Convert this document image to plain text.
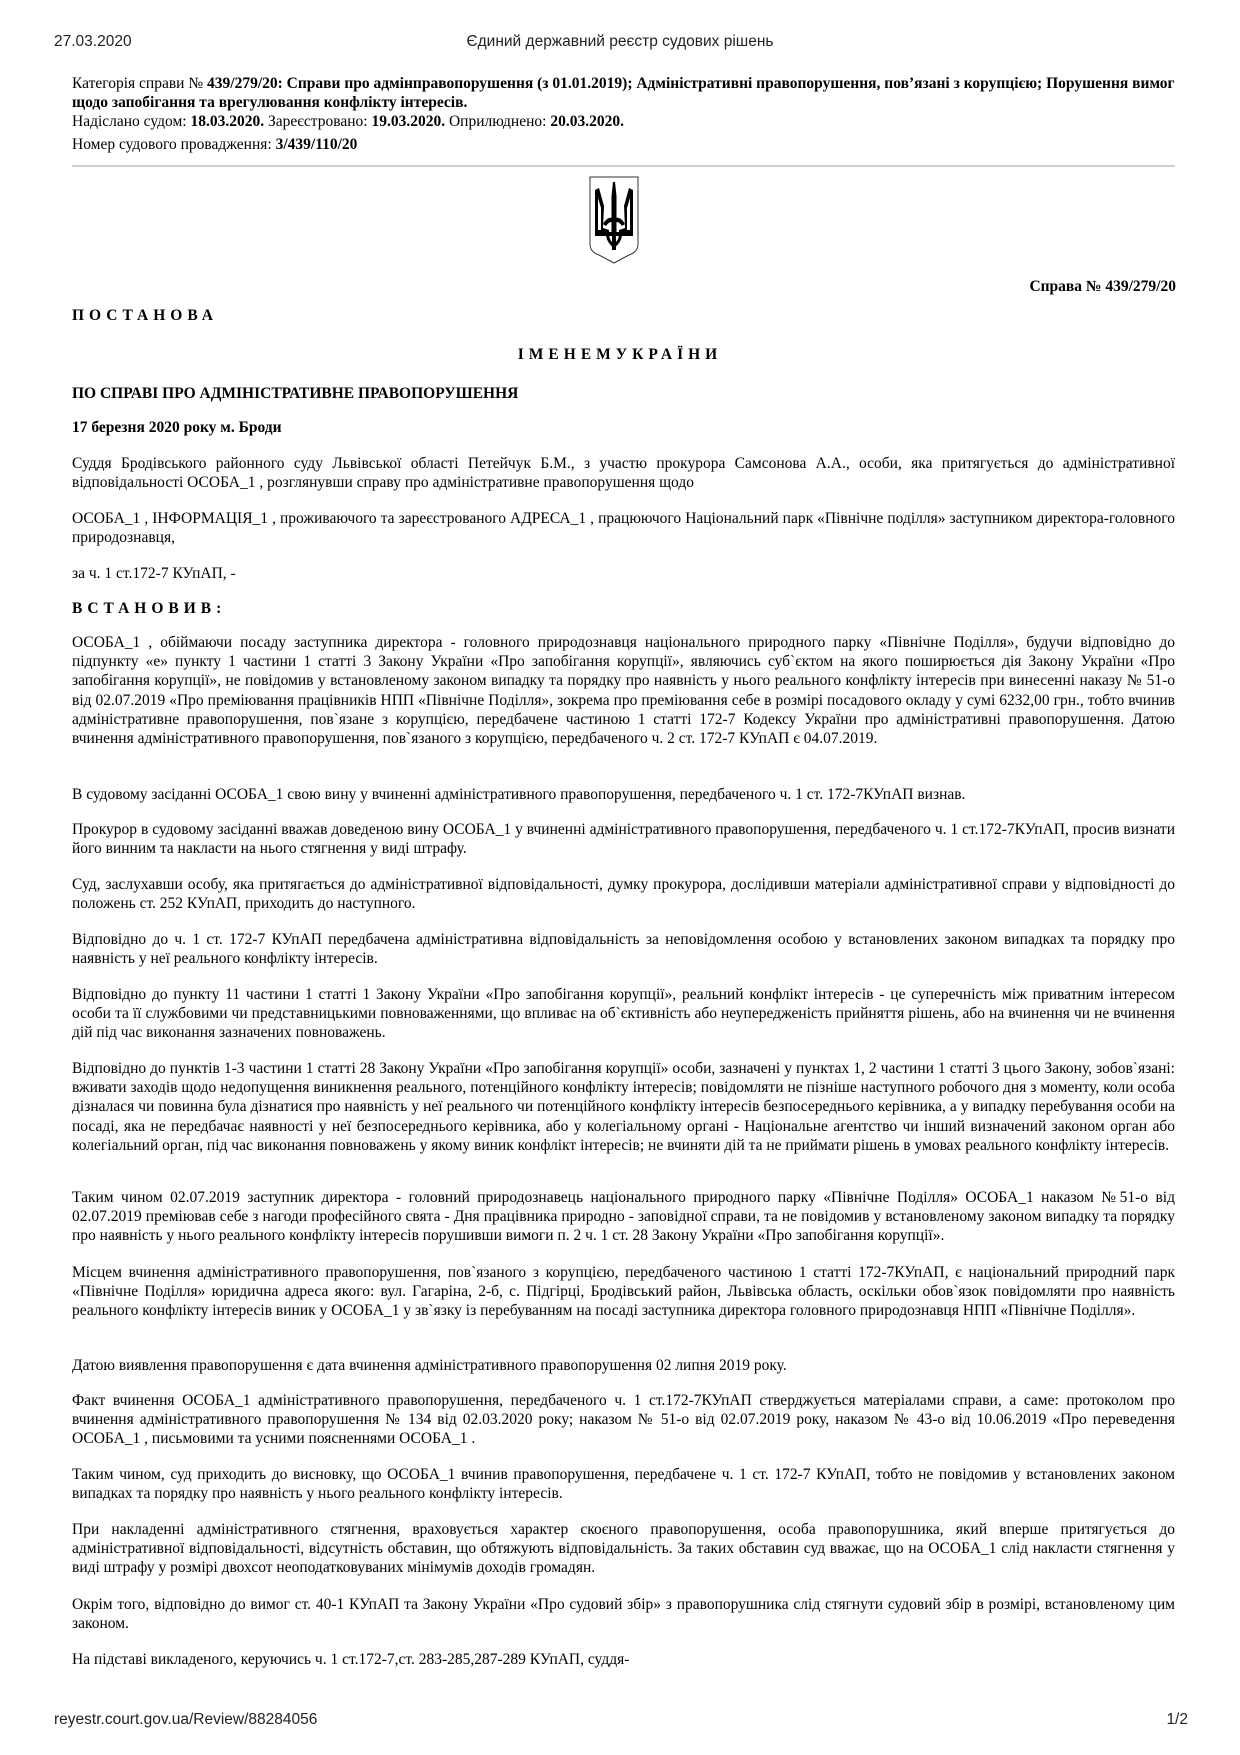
27.03.2020	Єдиний державний реєстр судових рішень
Категорія справи № 439/279/20: Справи про адмінправопорушення (з 01.01.2019); Адміністративні правопорушення, пов’язані з корупцією; Порушення вимог щодо запобігання та врегулювання конфлікту інтересів.
Надіслано судом: 18.03.2020. Зареєстровано: 19.03.2020. Оприлюднено: 20.03.2020.
Номер судового провадження: 3/439/110/20
Справа № 439/279/20
ПОСТАНОВА
ІМЕНЕМУКРАЇНИ
ПО СПРАВІ ПРО АДМІНІСТРАТИВНЕ ПРАВОПОРУШЕННЯ
17 березня 2020 року м. Броди
Суддя Бродівського районного суду Львівської області Петейчук Б.М., з участю прокурора Самсонова А.А., особи, яка притягується до адміністративної відповідальності ОСОБА_1 , розглянувши справу про адміністративне правопорушення щодо
ОСОБА_1 , ІНФОРМАЦІЯ_1 , проживаючого та зареєстрованого АДРЕСА_1 , працюючого Національний парк «Північне поділля» заступником директора-головного природознавця,
за ч. 1 ст.172-7 КУпАП, -
ВСТАНОВИВ:
ОСОБА_1 , обіймаючи посаду заступника директора - головного природознавця національного природного парку «Північне Поділля», будучи відповідно до підпункту «е» пункту 1 частини 1 статті 3 Закону України «Про запобігання корупції», являючись суб`єктом на якого поширюється дія Закону України «Про запобігання корупції», не повідомив у встановленому законом випадку та порядку про наявність у нього реального конфлікту інтересів при винесенні наказу № 51-о від 02.07.2019 «Про преміювання працівників НПП «Північне Поділля», зокрема про преміювання себе в розмірі посадового окладу у сумі 6232,00 грн., тобто вчинив адміністративне правопорушення, пов`язане з корупцією, передбачене частиною 1 статті 172-7 Кодексу України про адміністративні правопорушення. Датою вчинення адміністративного правопорушення, пов`язаного з корупцією, передбаченого ч. 2 ст. 172-7 КУпАП є 04.07.2019.
В судовому засіданні ОСОБА_1 свою вину у вчиненні адміністративного правопорушення, передбаченого ч. 1 ст. 172-7КУпАП визнав.
Прокурор в судовому засіданні вважав доведеною вину ОСОБА_1 у вчиненні адміністративного правопорушення, передбаченого ч. 1 ст.172-7КУпАП, просив визнати його винним та накласти на нього стягнення у виді штрафу.
Суд, заслухавши особу, яка притягається до адміністративної відповідальності, думку прокурора, дослідивши матеріали адміністративної справи у відповідності до положень ст. 252 КУпАП, приходить до наступного.
Відповідно до ч. 1 ст. 172-7 КУпАП передбачена адміністративна відповідальність за неповідомлення особою у встановлених законом випадках та порядку про наявність у неї реального конфлікту інтересів.
Відповідно до пункту 11 частини 1 статті 1 Закону України «Про запобігання корупції», реальний конфлікт інтересів - це суперечність між приватним інтересом особи та її службовими чи представницькими повноваженнями, що впливає на об`єктивність або неупередженість прийняття рішень, або на вчинення чи не вчинення дій під час виконання зазначених повноважень.
Відповідно до пунктів 1-3 частини 1 статті 28 Закону України «Про запобігання корупції» особи, зазначені у пунктах 1, 2 частини 1 статті 3 цього Закону, зобов`язані: вживати заходів щодо недопущення виникнення реального, потенційного конфлікту інтересів; повідомляти не пізніше наступного робочого дня з моменту, коли особа дізналася чи повинна була дізнатися про наявність у неї реального чи потенційного конфлікту інтересів безпосереднього керівника, а у випадку перебування особи на посаді, яка не передбачає наявності у неї безпосереднього керівника, або у колегіальному органі - Національне агентство чи інший визначений законом орган або колегіальний орган, під час виконання повноважень у якому виник конфлікт інтересів; не вчиняти дій та не приймати рішень в умовах реального конфлікту інтересів.
Таким чином 02.07.2019 заступник директора - головний природознавець національного природного парку «Північне Поділля» ОСОБА_1 наказом №51-о від 02.07.2019 преміював себе з нагоди професійного свята - Дня працівника природно - заповідної справи, та не повідомив у встановленому законом випадку та порядку про наявність у нього реального конфлікту інтересів порушивши вимоги п. 2 ч. 1 ст. 28 Закону України «Про запобігання корупції».
Місцем вчинення адміністративного правопорушення, пов`язаного з корупцією, передбаченого частиною 1 статті 172-7КУпАП, є національний природний парк «Північне Поділля» юридична адреса якого: вул. Гагаріна, 2-б, с. Підгірці, Бродівський район, Львівська область, оскільки обов`язок повідомляти про наявність реального конфлікту інтересів виник у ОСОБА_1 у зв`язку із перебуванням на посаді заступника директора головного природознавця НПП «Північне Поділля».
Датою виявлення правопорушення є дата вчинення адміністративного правопорушення 02 липня 2019 року.
Факт вчинення ОСОБА_1 адміністративного правопорушення, передбаченого ч. 1 ст.172-7КУпАП стверджується матеріалами справи, а саме: протоколом про вчинення адміністративного правопорушення № 134 від 02.03.2020 року; наказом № 51-о від 02.07.2019 року, наказом № 43-о від 10.06.2019 «Про переведення ОСОБА_1 , письмовими та усними поясненнями ОСОБА_1 .
Таким чином, суд приходить до висновку, що ОСОБА_1 вчинив правопорушення, передбачене ч. 1 ст. 172-7 КУпАП, тобто не повідомив у встановлених законом випадках та порядку про наявність у нього реального конфлікту інтересів.
При накладенні адміністративного стягнення, враховується характер скоєного правопорушення, особа правопорушника, який вперше притягується до адміністративної відповідальності, відсутність обставин, що обтяжують відповідальність. За таких обставин суд вважає, що на ОСОБА_1 слід накласти стягнення у виді штрафу у розмірі двохсот неоподатковуваних мінімумів доходів громадян.
Окрім того, відповідно до вимог ст. 40-1 КУпАП та Закону України «Про судовий збір» з правопорушника слід стягнути судовий збір в розмірі, встановленому цим законом.
На підставі викладеного, керуючись ч. 1 ст.172-7,ст. 283-285,287-289 КУпАП, суддя-
reyestr.court.gov.ua/Review/88284056	1/2
